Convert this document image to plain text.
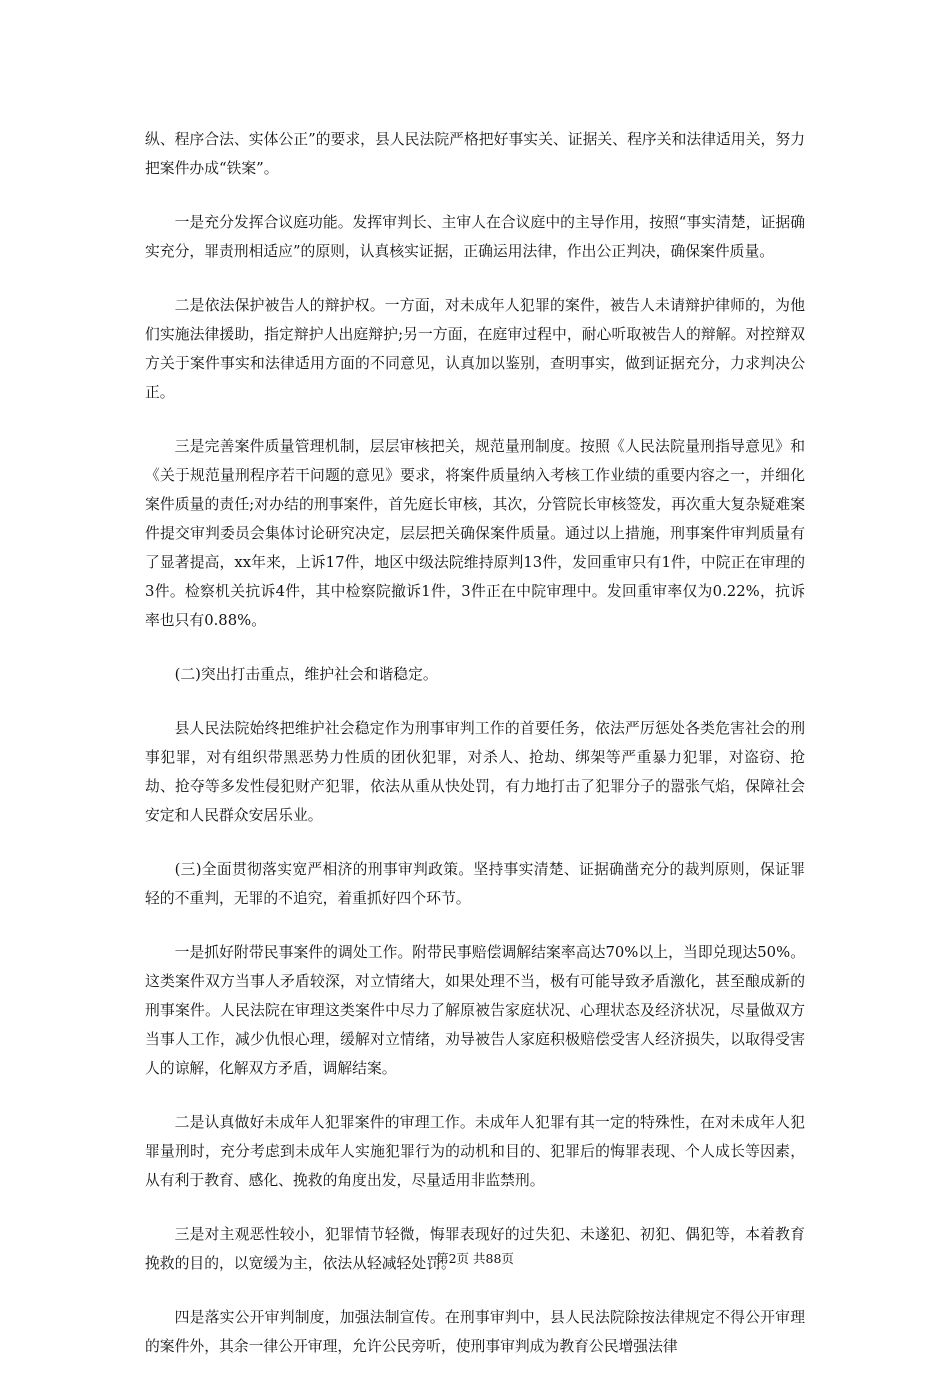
纵、程序合法、实体公正”的要求，县人民法院严格把好事实关、证据关、程序关和法律适用关，努力把案件办成“铁案”。

一是充分发挥合议庭功能。发挥审判长、主审人在合议庭中的主导作用，按照“事实清楚，证据确实充分，罪责刑相适应”的原则，认真核实证据，正确运用法律，作出公正判决，确保案件质量。

二是依法保护被告人的辩护权。一方面，对未成年人犯罪的案件，被告人未请辩护律师的，为他们实施法律援助，指定辩护人出庭辩护;另一方面，在庭审过程中，耐心听取被告人的辩解。对控辩双方关于案件事实和法律适用方面的不同意见，认真加以鉴别，查明事实，做到证据充分，力求判决公正。

三是完善案件质量管理机制，层层审核把关，规范量刑制度。按照《人民法院量刑指导意见》和《关于规范量刑程序若干问题的意见》要求，将案件质量纳入考核工作业绩的重要内容之一，并细化案件质量的责任;对办结的刑事案件，首先庭长审核，其次，分管院长审核签发，再次重大复杂疑难案件提交审判委员会集体讨论研究决定，层层把关确保案件质量。通过以上措施，刑事案件审判质量有了显著提高，xx年来，上诉17件，地区中级法院维持原判13件，发回重审只有1件，中院正在审理的3件。检察机关抗诉4件，其中检察院撤诉1件，3件正在中院审理中。发回重审率仅为0.22%，抗诉率也只有0.88%。

(二)突出打击重点，维护社会和谐稳定。

县人民法院始终把维护社会稳定作为刑事审判工作的首要任务，依法严厉惩处各类危害社会的刑事犯罪，对有组织带黑恶势力性质的团伙犯罪，对杀人、抢劫、绑架等严重暴力犯罪，对盗窃、抢劫、抢夺等多发性侵犯财产犯罪，依法从重从快处罚，有力地打击了犯罪分子的嚣张气焰，保障社会安定和人民群众安居乐业。

(三)全面贯彻落实宽严相济的刑事审判政策。坚持事实清楚、证据确凿充分的裁判原则，保证罪轻的不重判，无罪的不追究，着重抓好四个环节。

一是抓好附带民事案件的调处工作。附带民事赔偿调解结案率高达70%以上，当即兑现达50%。这类案件双方当事人矛盾较深，对立情绪大，如果处理不当，极有可能导致矛盾激化，甚至酿成新的刑事案件。人民法院在审理这类案件中尽力了解原被告家庭状况、心理状态及经济状况，尽量做双方当事人工作，减少仇恨心理，缓解对立情绪，劝导被告人家庭积极赔偿受害人经济损失，以取得受害人的谅解，化解双方矛盾，调解结案。

二是认真做好未成年人犯罪案件的审理工作。未成年人犯罪有其一定的特殊性，在对未成年人犯罪量刑时，充分考虑到未成年人实施犯罪行为的动机和目的、犯罪后的悔罪表现、个人成长等因素，从有利于教育、感化、挽救的角度出发，尽量适用非监禁刑。

三是对主观恶性较小，犯罪情节轻微，悔罪表现好的过失犯、未遂犯、初犯、偶犯等，本着教育挽救的目的，以宽缓为主，依法从轻减轻处罚。

四是落实公开审判制度，加强法制宣传。在刑事审判中，县人民法院除按法律规定不得公开审理的案件外，其余一律公开审理，允许公民旁听，使刑事审判成为教育公民增强法律

第2页 共88页
